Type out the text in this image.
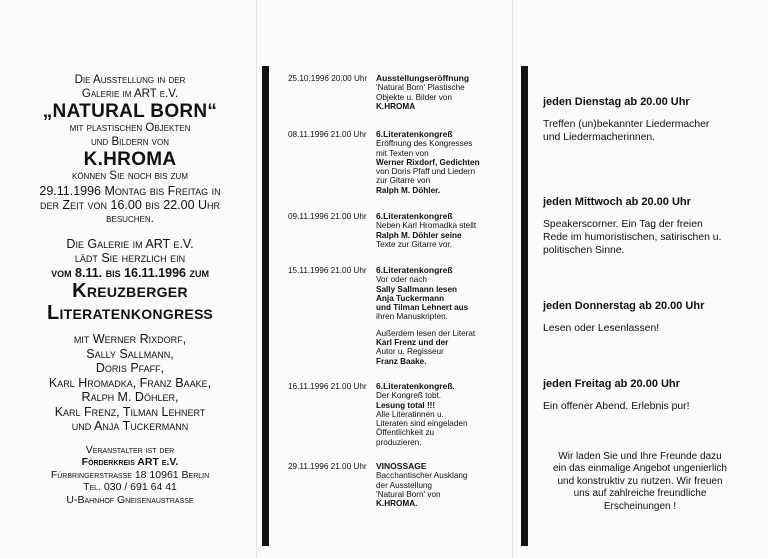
Die Ausstellung in der
Galerie im ART e.V.
„NATURAL BORN“
mit plastischen Objekten
und Bildern von
K.HROMA
können Sie noch bis zum
29.11.1996 Montag bis Freitag in
der Zeit von 16.00 bis 22.00 Uhr
besuchen.
Die Galerie im ART e.V.
lädt Sie herzlich ein
vom 8.11. bis 16.11.1996 zum
Kreuzberger
Literatenkongreß
mit Werner Rixdorf,
Sally Sallmann,
Doris Pfaff,
Karl Hromadka, Franz Baake,
Ralph M. Döhler,
Karl Frenz, Tilman Lehnert
und Anja Tuckermann
Veranstalter ist der
Förderkreis ART e.V.
Fürbringerstraße 18 10961 Berlin
Tel. 030 / 691 64 41
U-Bahnhof Gneisenaustraße
25.10.1996 20.00 Uhr	Ausstellungseröffnung
'Natural Born' Plastische
Objekte u. Bilder von
K.HROMA
08.11.1996 21.00 Uhr	6.Literatenkongreß
Eröffnung des Kongresses
mit Texten von
Werner Rixdorf, Gedichten
von Doris Pfaff und Liedern
zur Gitarre von
Ralph M. Döhler.
09.11.1996 21.00 Uhr	6.Literatenkongreß
Neben Karl Hromadka stellt
Ralph M. Döhler seine
Texte zur Gitarre vor.
15.11.1996 21.00 Uhr	6.Literatenkongreß
Vor oder nach
Sally Sallmann lesen
Anja Tuckermann
und Tilman Lehnert aus
ihren Manuskripten.
Außerdem lesen der Literat
Karl Frenz und der
Autor u. Regisseur
Franz Baake.
16.11.1996 21.00 Uhr	6.Literatenkongreß.
Der Kongreß tobt.
Lesung total !!!
Alle Literatinnen u.
Literaten sind eingeladen
Öffentlichkeit zu
produzieren.
29.11.1996 21.00 Uhr	VINOSSAGE
Bacchantischer Ausklang
der Ausstellung
'Natural Born' von
K.HROMA.
jeden Dienstag ab 20.00 Uhr
Treffen (un)bekannter Liedermacher
und Liedermacherinnen.
jeden Mittwoch ab 20.00 Uhr
Speakerscorner. Ein Tag der freien
Rede im humoristischen, satirischen u.
politischen Sinne.
jeden Donnerstag ab 20.00 Uhr
Lesen oder Lesenlassen!
jeden Freitag ab 20.00 Uhr
Ein offener Abend. Erlebnis pur!
Wir laden Sie und Ihre Freunde dazu
ein das einmalige Angebot ungenierlich
und konstruktiv zu nutzen. Wir freuen
uns auf zahlreiche freundliche
Erscheinungen !
